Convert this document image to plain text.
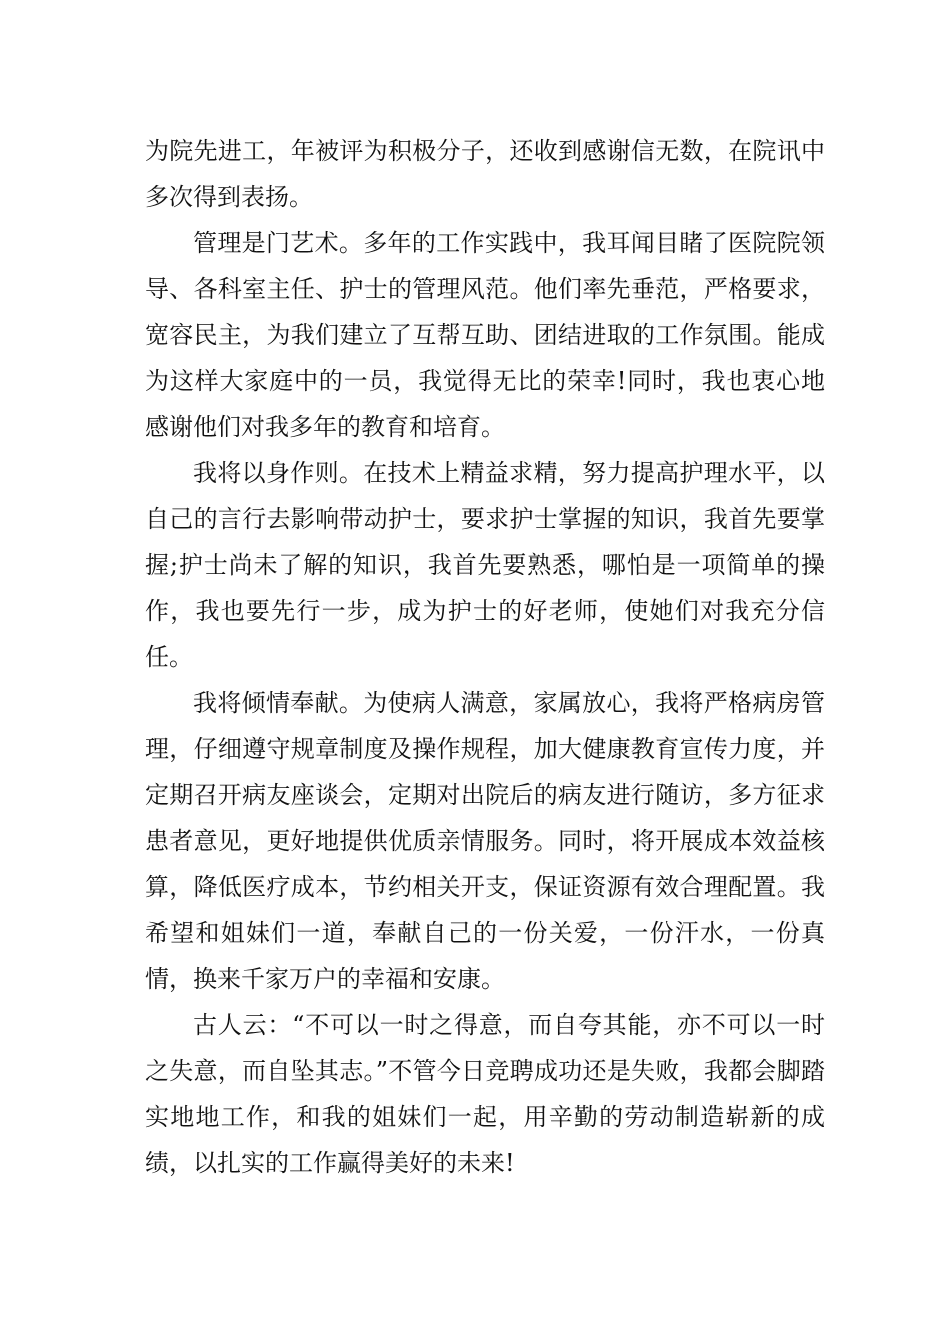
为院先进工，年被评为积极分子，还收到感谢信无数，在院讯中多次得到表扬。

管理是门艺术。多年的工作实践中，我耳闻目睹了医院院领导、各科室主任、护士的管理风范。他们率先垂范，严格要求，宽容民主，为我们建立了互帮互助、团结进取的工作氛围。能成为这样大家庭中的一员，我觉得无比的荣幸!同时，我也衷心地感谢他们对我多年的教育和培育。

我将以身作则。在技术上精益求精，努力提高护理水平，以自己的言行去影响带动护士，要求护士掌握的知识，我首先要掌握;护士尚未了解的知识，我首先要熟悉，哪怕是一项简单的操作，我也要先行一步，成为护士的好老师，使她们对我充分信任。

我将倾情奉献。为使病人满意，家属放心，我将严格病房管理，仔细遵守规章制度及操作规程，加大健康教育宣传力度，并定期召开病友座谈会，定期对出院后的病友进行随访，多方征求患者意见，更好地提供优质亲情服务。同时，将开展成本效益核算，降低医疗成本，节约相关开支，保证资源有效合理配置。我希望和姐妹们一道，奉献自己的一份关爱，一份汗水，一份真情，换来千家万户的幸福和安康。

古人云：“不可以一时之得意，而自夸其能，亦不可以一时之失意，而自坠其志。”不管今日竞聘成功还是失败，我都会脚踏实地地工作，和我的姐妹们一起，用辛勤的劳动制造崭新的成绩，以扎实的工作赢得美好的未来!
